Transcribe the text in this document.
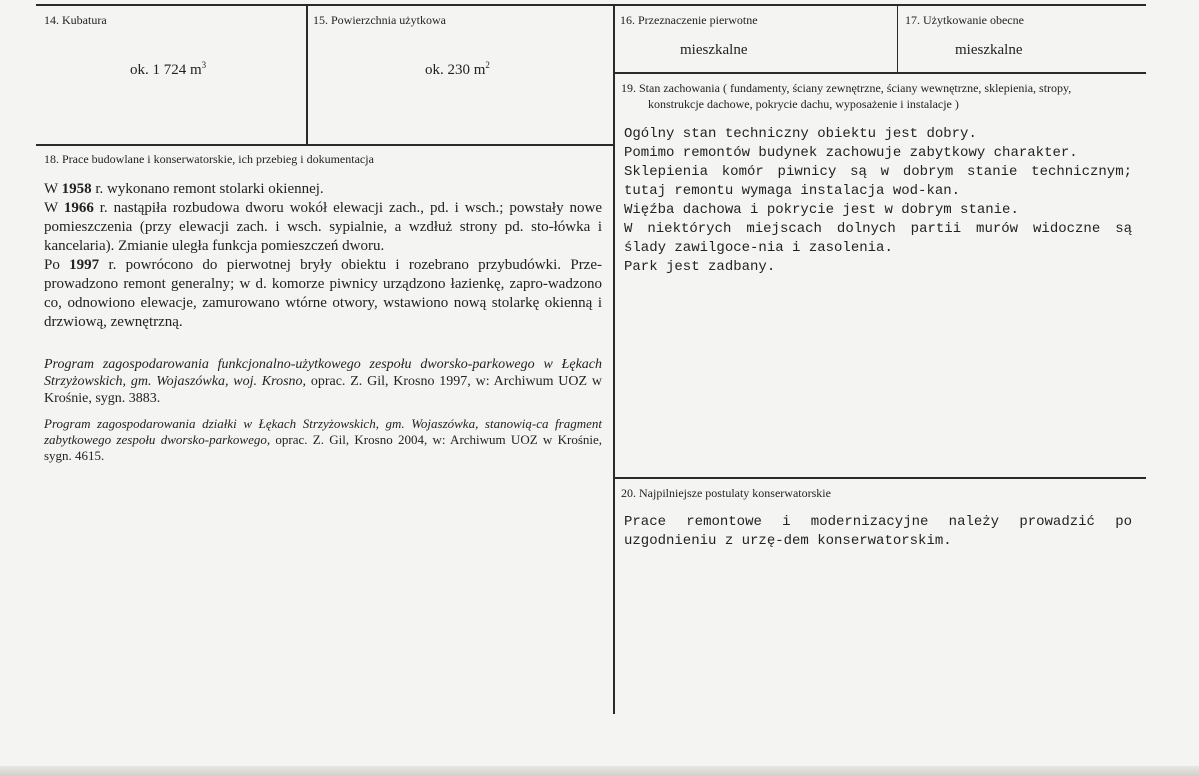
14. Kubatura
ok. 1 724 $m^3$
15. Powierzchnia użytkowa
ok. 230 $m^2$
16. Przeznaczenie pierwotne
mieszkalne
17. Użytkowanie obecne
mieszkalne
19. Stan zachowania ( fundamenty, ściany zewnętrzne, ściany wewnętrzne, sklepienia, stropy,
konstrukcje dachowe, pokrycie dachu, wyposażenie i instalacje )

Ogólny stan techniczny obiektu jest dobry.

Pomimo remontów budynek zachowuje zabytkowy charakter.

Sklepienia komór piwnicy są w dobrym stanie technicznym; tutaj remontu wymaga instalacja wod-kan.

Więźba dachowa i pokrycie jest w dobrym stanie.

W niektórych miejscach dolnych partii murów widoczne są ślady zawilgoce-nia i zasolenia.

Park jest zadbany.

18. Prace budowlane i konserwatorskie, ich przebieg i dokumentacja

W 1958 r. wykonano remont stolarki okiennej.

W 1966 r. nastąpiła rozbudowa dworu wokół elewacji zach., pd. i wsch.; powstały nowe pomieszczenia (przy elewacji zach. i wsch. sypialnie, a wzdłuż strony pd. sto-łówka i kancelaria). Zmianie uległa funkcja pomieszczeń dworu.

Po 1997 r. powrócono do pierwotnej bryły obiektu i rozebrano przybudówki. Prze-prowadzono remont generalny; w d. komorze piwnicy urządzono łazienkę, zapro-wadzono co, odnowiono elewacje, zamurowano wtórne otwory, wstawiono nową stolarkę okienną i drzwiową, zewnętrzną.

Program zagospodarowania funkcjonalno-użytkowego zespołu dworsko-parkowego w Łękach Strzyżowskich, gm. Wojaszówka, woj. Krosno, oprac. Z. Gil, Krosno 1997, w: Archiwum UOZ w Krośnie, sygn. 3883.
Program zagospodarowania działki w Łękach Strzyżowskich, gm. Wojaszówka, stanowią-ca fragment zabytkowego zespołu dworsko-parkowego, oprac. Z. Gil, Krosno 2004, w: Archiwum UOZ w Krośnie, sygn. 4615.
20. Najpilniejsze postulaty konserwatorskie
Prace remontowe i modernizacyjne należy prowadzić po uzgodnieniu z urzę-dem konserwatorskim.
